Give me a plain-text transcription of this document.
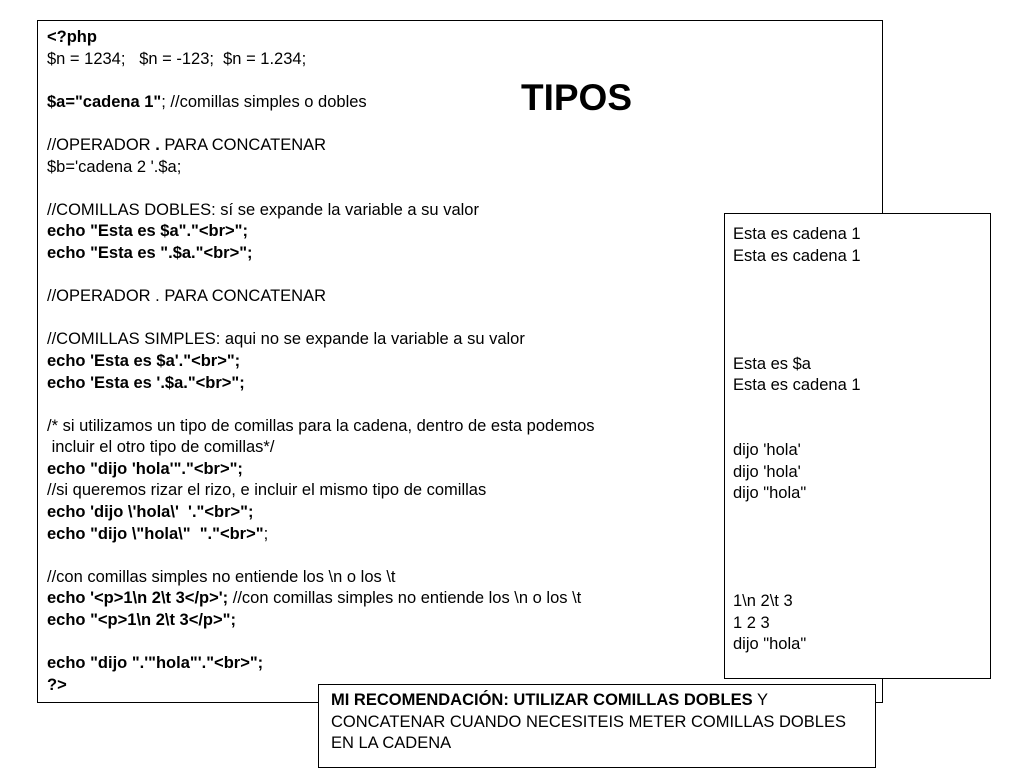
<?php
$n = 1234;   $n = -123;  $n = 1.234;
$a="cadena 1"; //comillas simples o dobles
//OPERADOR . PARA CONCATENAR
$b='cadena 2 '.$a;
//COMILLAS DOBLES: sí se expande la variable a su valor
echo "Esta es $a"."<br>";
echo "Esta es ".$a."<br>";
//OPERADOR . PARA CONCATENAR
//COMILLAS SIMPLES: aqui no se expande la variable a su valor
echo 'Esta es $a'."<br>";
echo 'Esta es '.$a."<br>";
/* si utilizamos un tipo de comillas para la cadena, dentro de esta podemos
incluir el otro tipo de comillas*/
echo "dijo 'hola'"."<br>";
//si queremos rizar el rizo, e incluir el mismo tipo de comillas
echo 'dijo \'hola\'  '."<br>";
echo "dijo \"hola\"  "."<br>";
//con comillas simples no entiende los \n o los \t
echo '<p>1\n 2\t 3</p>'; //con comillas simples no entiende los \n o los \t
echo "<p>1\n 2\t 3</p>";
echo "dijo ".'"hola"'."<br>";
?>
TIPOS
Esta es cadena 1
Esta es cadena 1
Esta es $a
Esta es cadena 1
dijo 'hola'
dijo 'hola'
dijo "hola"
1\n 2\t 3
1 2 3
dijo "hola"
MI RECOMENDACIÓN: UTILIZAR COMILLAS DOBLES Y CONCATENAR CUANDO NECESITEIS METER COMILLAS DOBLES EN LA CADENA
